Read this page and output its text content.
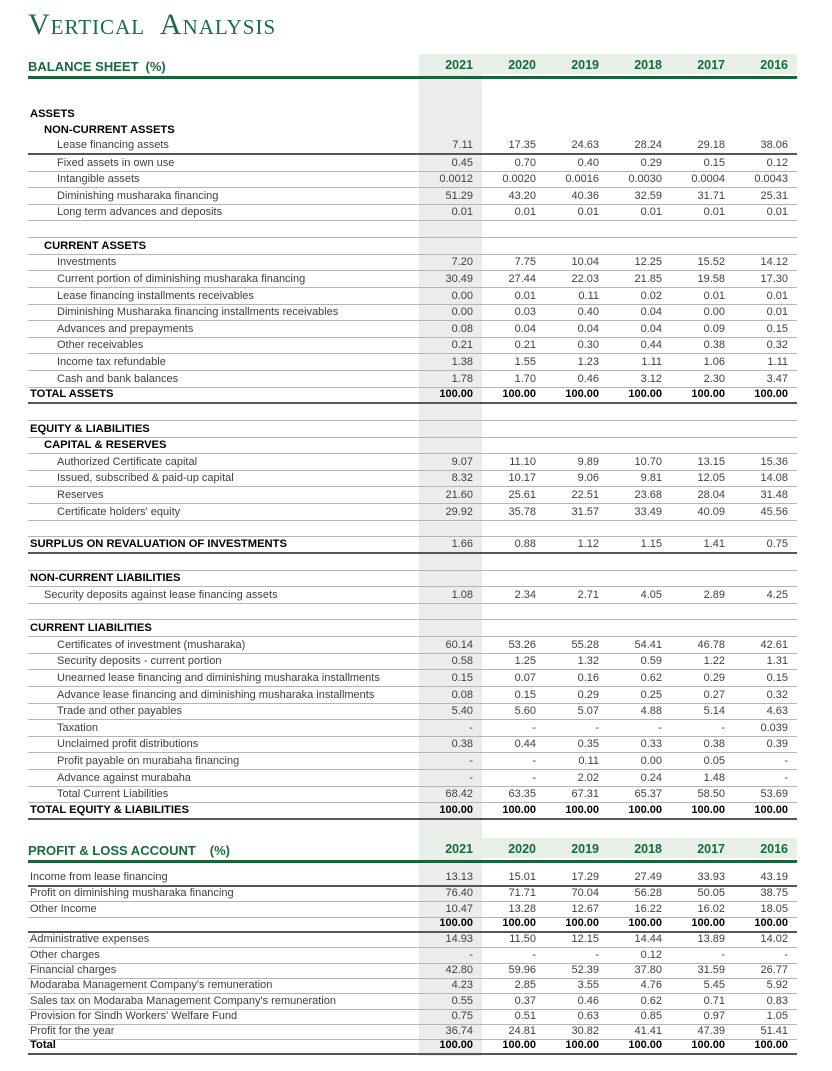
Vertical Analysis
BALANCE SHEET (%)	2021	2020	2019	2018	2017	2016
ASSETS
NON-CURRENT ASSETS
Lease financing assets	7.11	17.35	24.63	28.24	29.18	38.06
Fixed assets in own use	0.45	0.70	0.40	0.29	0.15	0.12
Intangible assets	0.0012	0.0020	0.0016	0.0030	0.0004	0.0043
Diminishing musharaka financing	51.29	43.20	40.36	32.59	31.71	25.31
Long term advances and deposits	0.01	0.01	0.01	0.01	0.01	0.01
CURRENT ASSETS
Investments	7.20	7.75	10.04	12.25	15.52	14.12
Current portion of diminishing musharaka financing	30.49	27.44	22.03	21.85	19.58	17.30
Lease financing installments receivables	0.00	0.01	0.11	0.02	0.01	0.01
Diminishing Musharaka financing installments receivables	0.00	0.03	0.40	0.04	0.00	0.01
Advances and prepayments	0.08	0.04	0.04	0.04	0.09	0.15
Other receivables	0.21	0.21	0.30	0.44	0.38	0.32
Income tax refundable	1.38	1.55	1.23	1.11	1.06	1.11
Cash and bank balances	1.78	1.70	0.46	3.12	2.30	3.47
TOTAL ASSETS	100.00	100.00	100.00	100.00	100.00	100.00
EQUITY & LIABILITIES
CAPITAL & RESERVES
Authorized Certificate capital	9.07	11.10	9.89	10.70	13.15	15.36
Issued, subscribed & paid-up capital	8.32	10.17	9.06	9.81	12.05	14.08
Reserves	21.60	25.61	22.51	23.68	28.04	31.48
Certificate holders' equity	29.92	35.78	31.57	33.49	40.09	45.56
SURPLUS ON REVALUATION OF INVESTMENTS	1.66	0.88	1.12	1.15	1.41	0.75
NON-CURRENT LIABILITIES
Security deposits against lease financing assets	1.08	2.34	2.71	4.05	2.89	4.25
CURRENT LIABILITIES
Certificates of investment (musharaka)	60.14	53.26	55.28	54.41	46.78	42.61
Security deposits - current portion	0.58	1.25	1.32	0.59	1.22	1.31
Unearned lease financing and diminishing musharaka installments	0.15	0.07	0.16	0.62	0.29	0.15
Advance lease financing and diminishing musharaka installments	0.08	0.15	0.29	0.25	0.27	0.32
Trade and other payables	5.40	5.60	5.07	4.88	5.14	4.63
Taxation	-	-	-	-	-	0.039
Unclaimed profit distributions	0.38	0.44	0.35	0.33	0.38	0.39
Profit payable on murabaha financing	-	-	0.11	0.00	0.05	-
Advance against murabaha	-	-	2.02	0.24	1.48	-
Total Current Liabilities	68.42	63.35	67.31	65.37	58.50	53.69
TOTAL EQUITY & LIABILITIES	100.00	100.00	100.00	100.00	100.00	100.00
PROFIT & LOSS ACCOUNT (%)	2021	2020	2019	2018	2017	2016
Income from lease financing	13.13	15.01	17.29	27.49	33.93	43.19
Profit on diminishing musharaka financing	76.40	71.71	70.04	56.28	50.05	38.75
Other Income	10.47	13.28	12.67	16.22	16.02	18.05
100.00	100.00	100.00	100.00	100.00	100.00
Administrative expenses	14.93	11.50	12.15	14.44	13.89	14.02
Other charges	-	-	-	0.12	-	-
Financial charges	42.80	59.96	52.39	37.80	31.59	26.77
Modaraba Management Company's remuneration	4.23	2.85	3.55	4.76	5.45	5.92
Sales tax on Modaraba Management Company's remuneration	0.55	0.37	0.46	0.62	0.71	0.83
Provision for Sindh Workers' Welfare Fund	0.75	0.51	0.63	0.85	0.97	1.05
Profit for the year	36.74	24.81	30.82	41.41	47.39	51.41
Total	100.00	100.00	100.00	100.00	100.00	100.00
